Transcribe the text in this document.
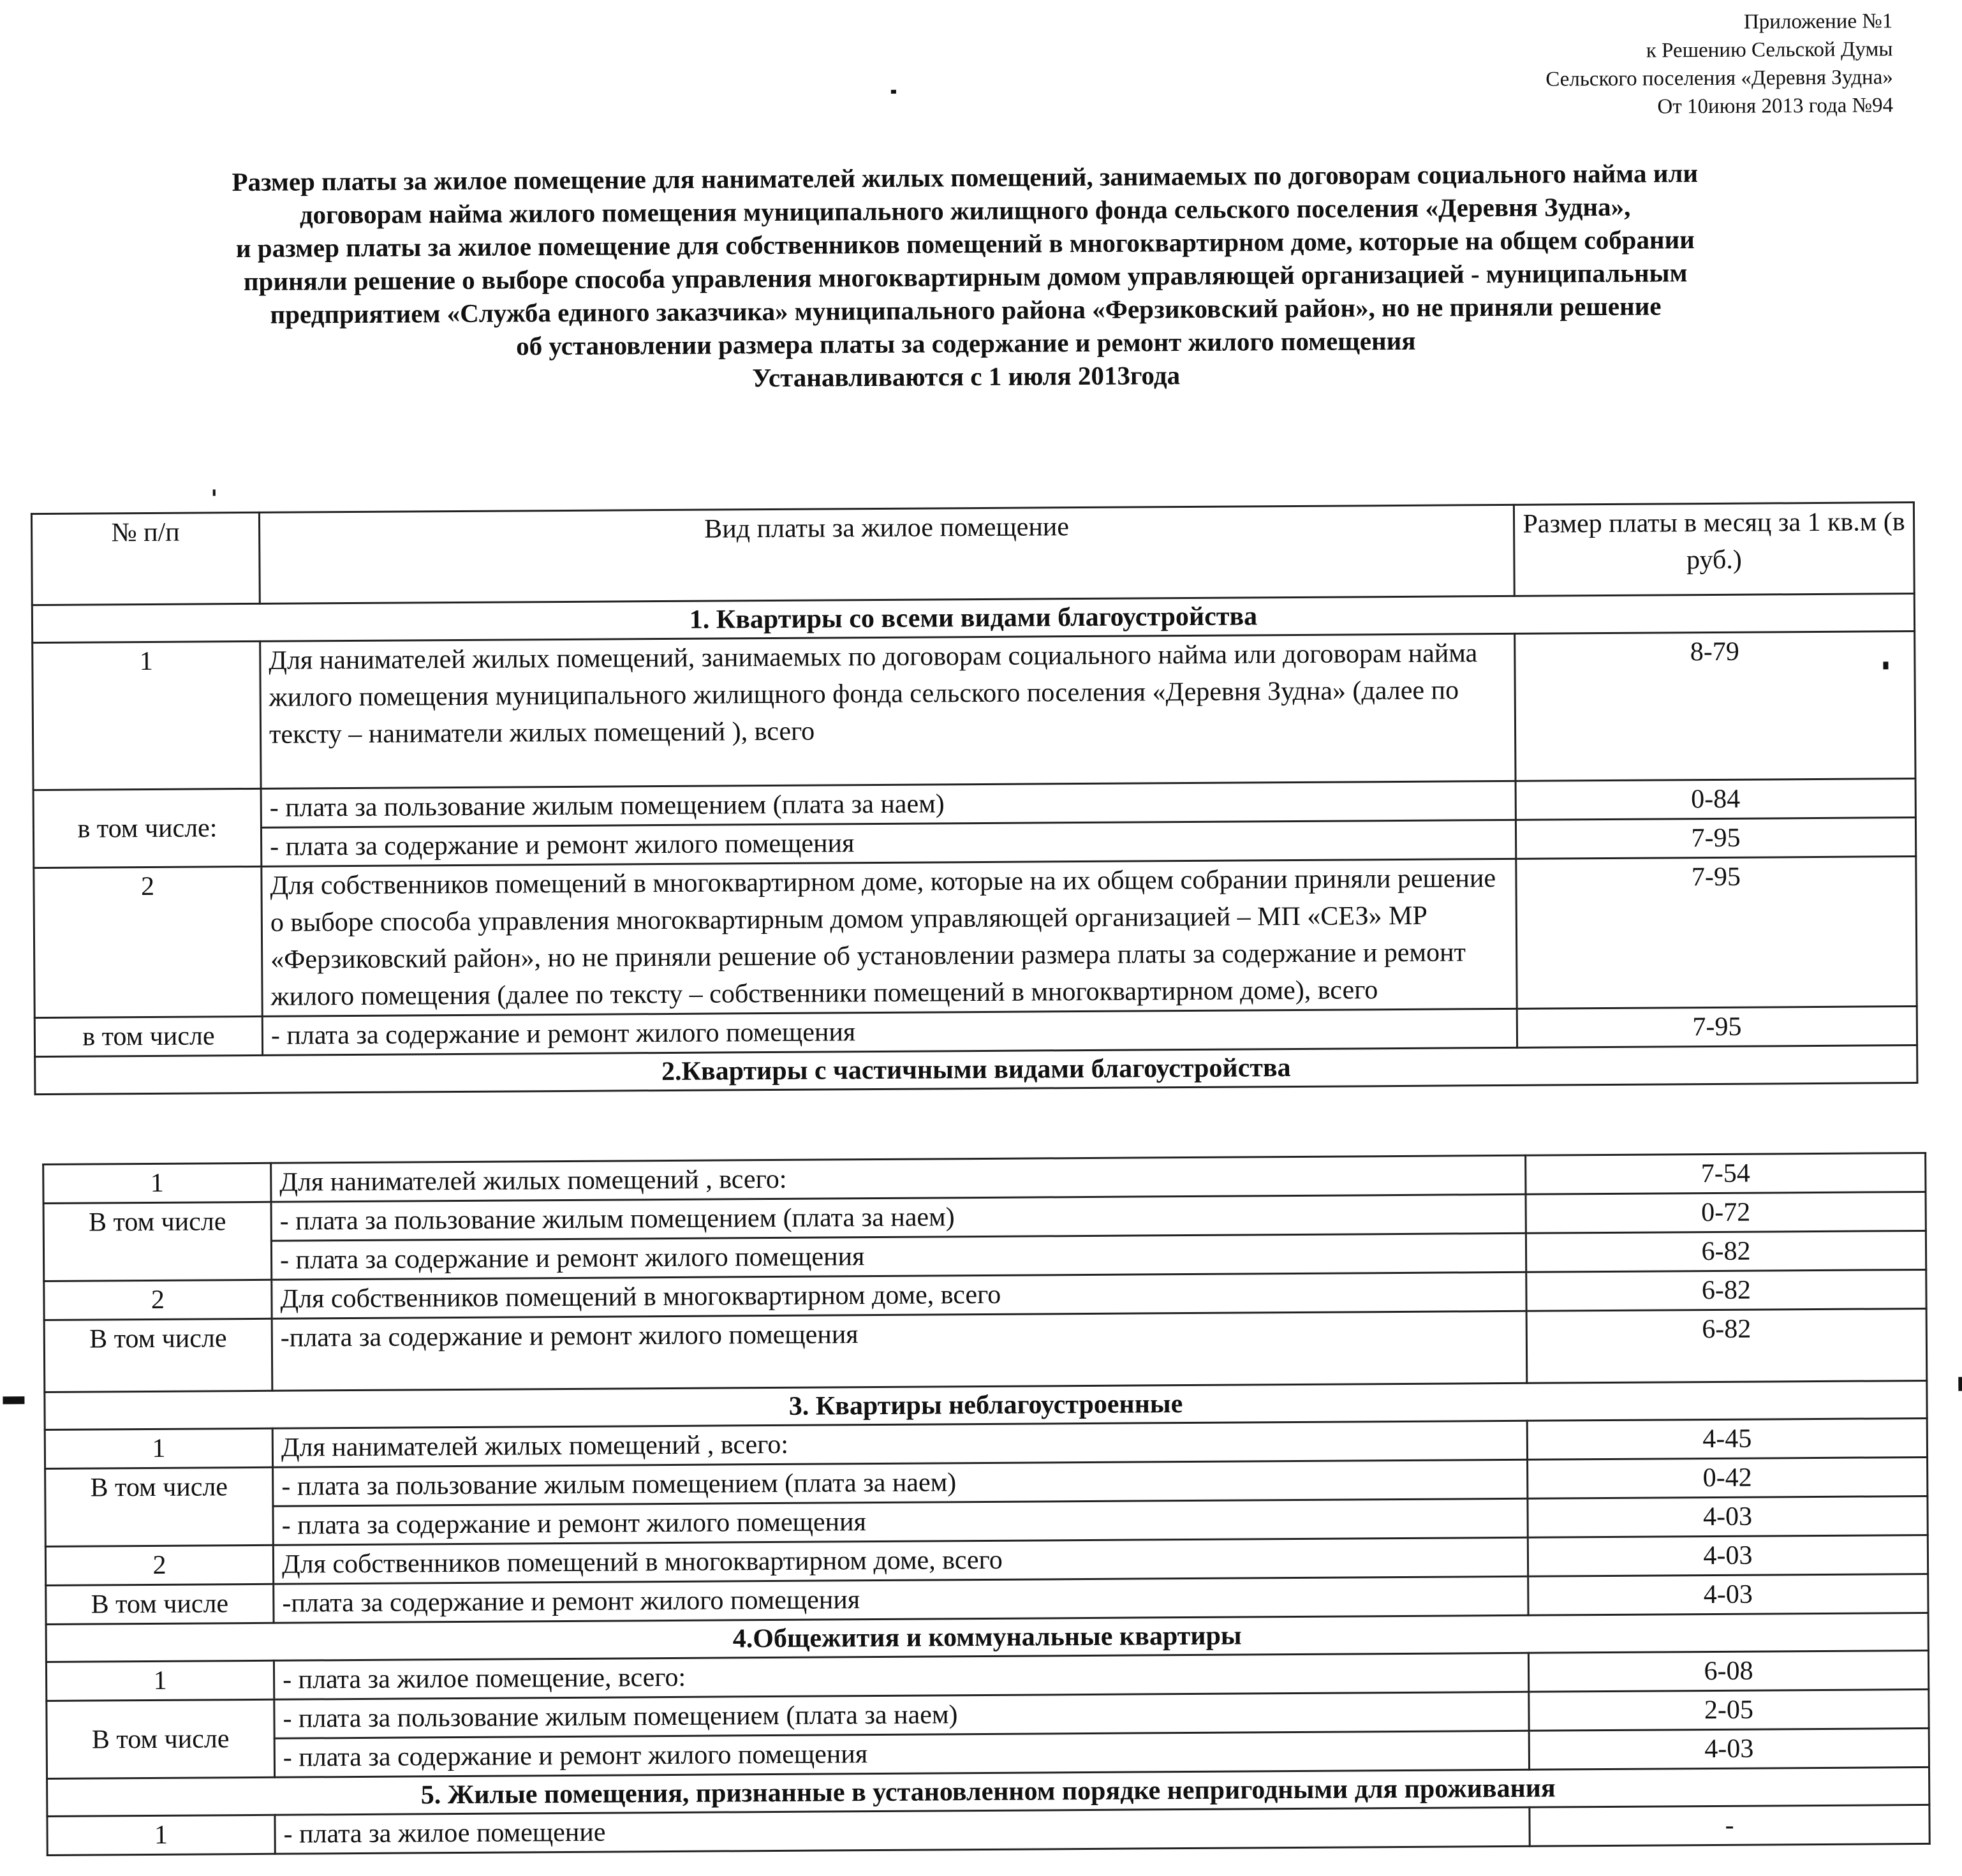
Приложение №1
к Решению Сельской Думы
Сельского поселения «Деревня Зудна»
От 10июня 2013 года №94
Размер платы за жилое помещение для нанимателей жилых помещений, занимаемых по договорам социального найма или
договорам найма жилого помещения муниципального жилищного фонда сельского поселения «Деревня Зудна»,
и размер платы за жилое помещение для собственников помещений в многоквартирном доме, которые на общем собрании
приняли решение о выборе способа управления многоквартирным домом управляющей организацией - муниципальным
предприятием «Служба единого заказчика» муниципального района «Ферзиковский район», но не приняли решение
об установлении размера платы за содержание и ремонт жилого помещения
Устанавливаются с 1 июля 2013года
№ п/п	Вид платы за жилое помещение	Размер платы в месяц за 1 кв.м (в руб.)
1. Квартиры со всеми видами благоустройства		
1	Для нанимателей жилых помещений, занимаемых по договорам социального найма или договорам найма жилого помещения муниципального жилищного фонда сельского поселения «Деревня Зудна» (далее по тексту – наниматели жилых помещений ), всего	8-79
в том числе:	- плата за пользование жилым помещением (плата за наем)	0-84
	- плата за содержание и ремонт жилого помещения	7-95
2	Для собственников помещений в многоквартирном доме, которые на их общем собрании приняли решение о выборе способа управления многоквартирным домом управляющей организацией – МП «СЕЗ» МР «Ферзиковский район», но не приняли решение об установлении размера платы за содержание и ремонт жилого помещения (далее по тексту – собственники помещений в многоквартирном доме), всего	7-95
в том числе	- плата за содержание и ремонт жилого помещения	7-95
2.Квартиры с частичными видами благоустройства		
1	Для нанимателей жилых помещений , всего:	7-54
В том числе	- плата за пользование жилым помещением (плата за наем)	0-72
	- плата за содержание и ремонт жилого помещения	6-82
2	Для собственников помещений в многоквартирном доме, всего	6-82
В том числе	-плата за содержание и ремонт жилого помещения	6-82
3. Квартиры неблагоустроенные		
1	Для нанимателей жилых помещений , всего:	4-45
В том числе	- плата за пользование жилым помещением (плата за наем)	0-42
	- плата за содержание и ремонт жилого помещения	4-03
2	Для собственников помещений в многоквартирном доме, всего	4-03
В том числе	-плата за содержание и ремонт жилого помещения	4-03
4.Общежития и коммунальные квартиры		
1	- плата за жилое помещение, всего:	6-08
В том числе	- плата за пользование жилым помещением (плата за наем)	2-05
	- плата за содержание и ремонт жилого помещения	4-03
5. Жилые помещения, признанные в установленном порядке непригодными для проживания		
1	- плата за жилое помещение	-
